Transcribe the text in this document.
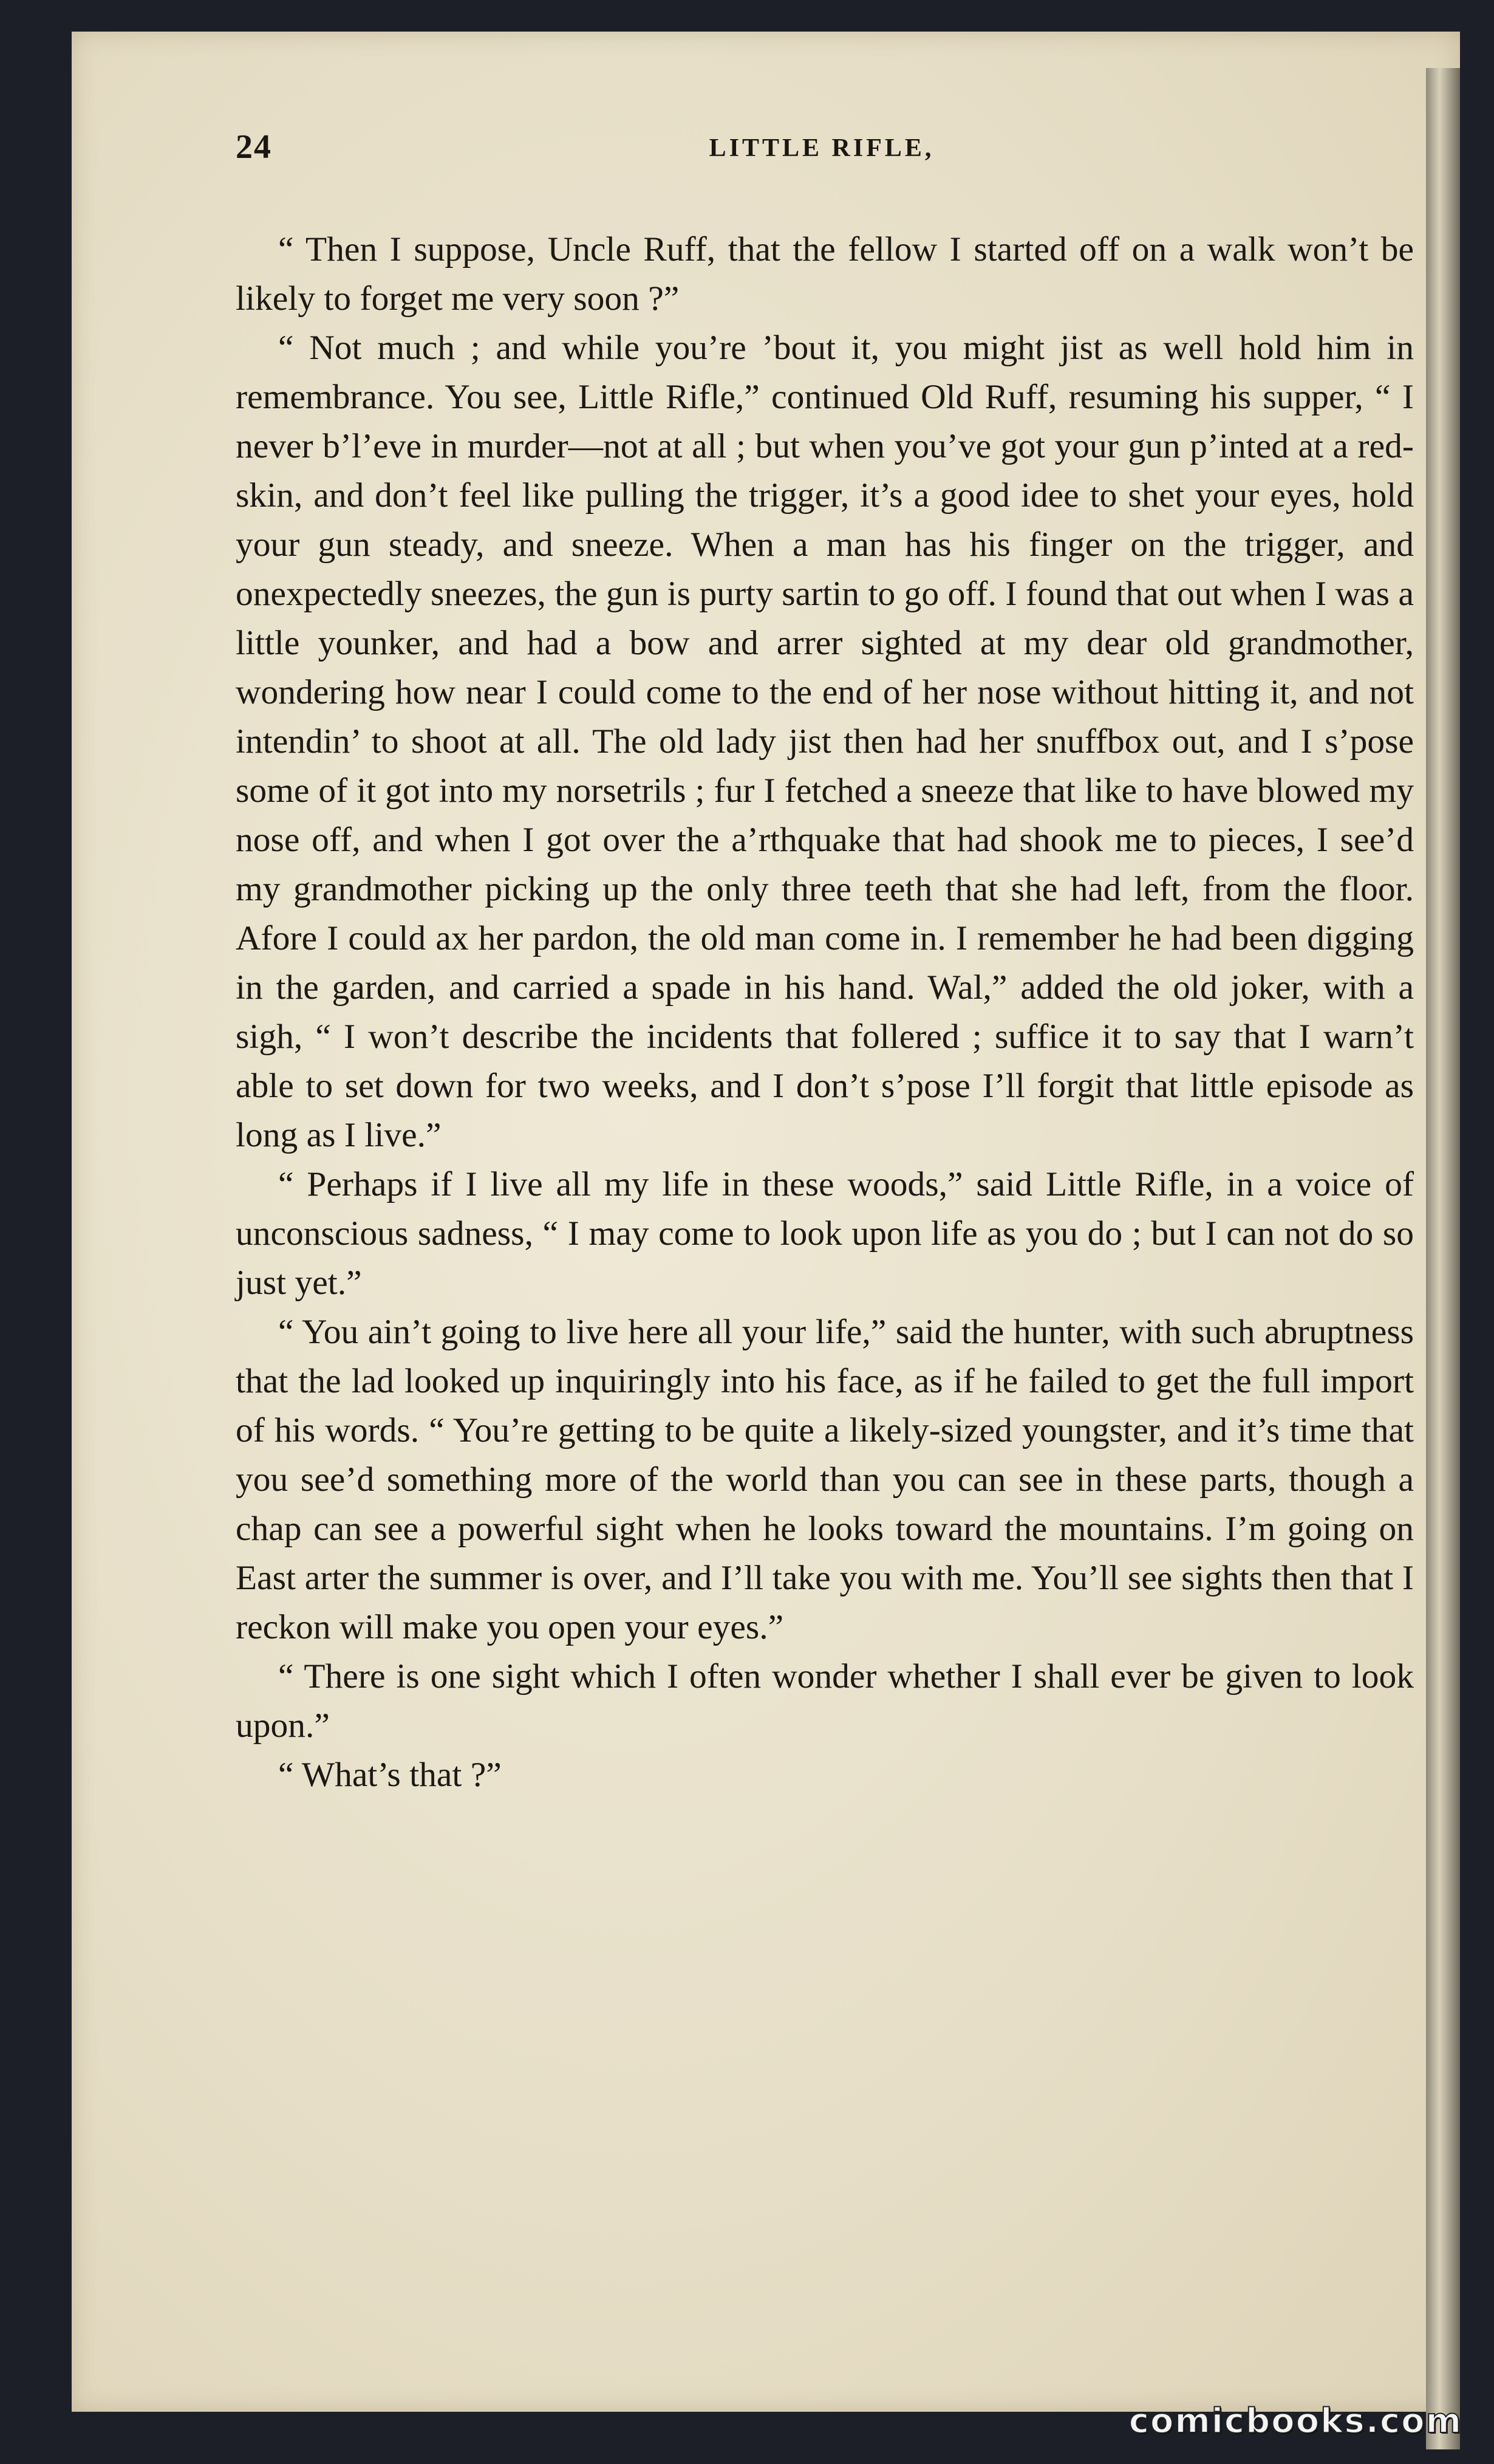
24	LITTLE RIFLE,

“ Then I suppose, Uncle Ruff, that the fellow I started off on a walk won’t be likely to forget me very soon ?”

“ Not much ; and while you’re ’bout it, you might jist as well hold him in remembrance. You see, Little Rifle,” continued Old Ruff, resuming his supper, “ I never b’l’eve in murder—not at all ; but when you’ve got your gun p’inted at a red-skin, and don’t feel like pulling the trigger, it’s a good idee to shet your eyes, hold your gun steady, and sneeze. When a man has his finger on the trigger, and onexpectedly sneezes, the gun is purty sartin to go off. I found that out when I was a little younker, and had a bow and arrer sighted at my dear old grandmother, wondering how near I could come to the end of her nose without hitting it, and not intendin’ to shoot at all. The old lady jist then had her snuffbox out, and I s’pose some of it got into my norsetrils ; fur I fetched a sneeze that like to have blowed my nose off, and when I got over the a’rthquake that had shook me to pieces, I see’d my grandmother picking up the only three teeth that she had left, from the floor. Afore I could ax her pardon, the old man come in. I remember he had been digging in the garden, and carried a spade in his hand. Wal,” added the old joker, with a sigh, “ I won’t describe the incidents that follered ; suffice it to say that I warn’t able to set down for two weeks, and I don’t s’pose I’ll forgit that little episode as long as I live.”

“ Perhaps if I live all my life in these woods,” said Little Rifle, in a voice of unconscious sadness, “ I may come to look upon life as you do ; but I can not do so just yet.”

“ You ain’t going to live here all your life,” said the hunter, with such abruptness that the lad looked up inquiringly into his face, as if he failed to get the full import of his words. “ You’re getting to be quite a likely-sized youngster, and it’s time that you see’d something more of the world than you can see in these parts, though a chap can see a powerful sight when he looks toward the mountains. I’m going on East arter the summer is over, and I’ll take you with me. You’ll see sights then that I reckon will make you open your eyes.”

“ There is one sight which I often wonder whether I shall ever be given to look upon.”

“ What’s that ?”

comicbooks.com
